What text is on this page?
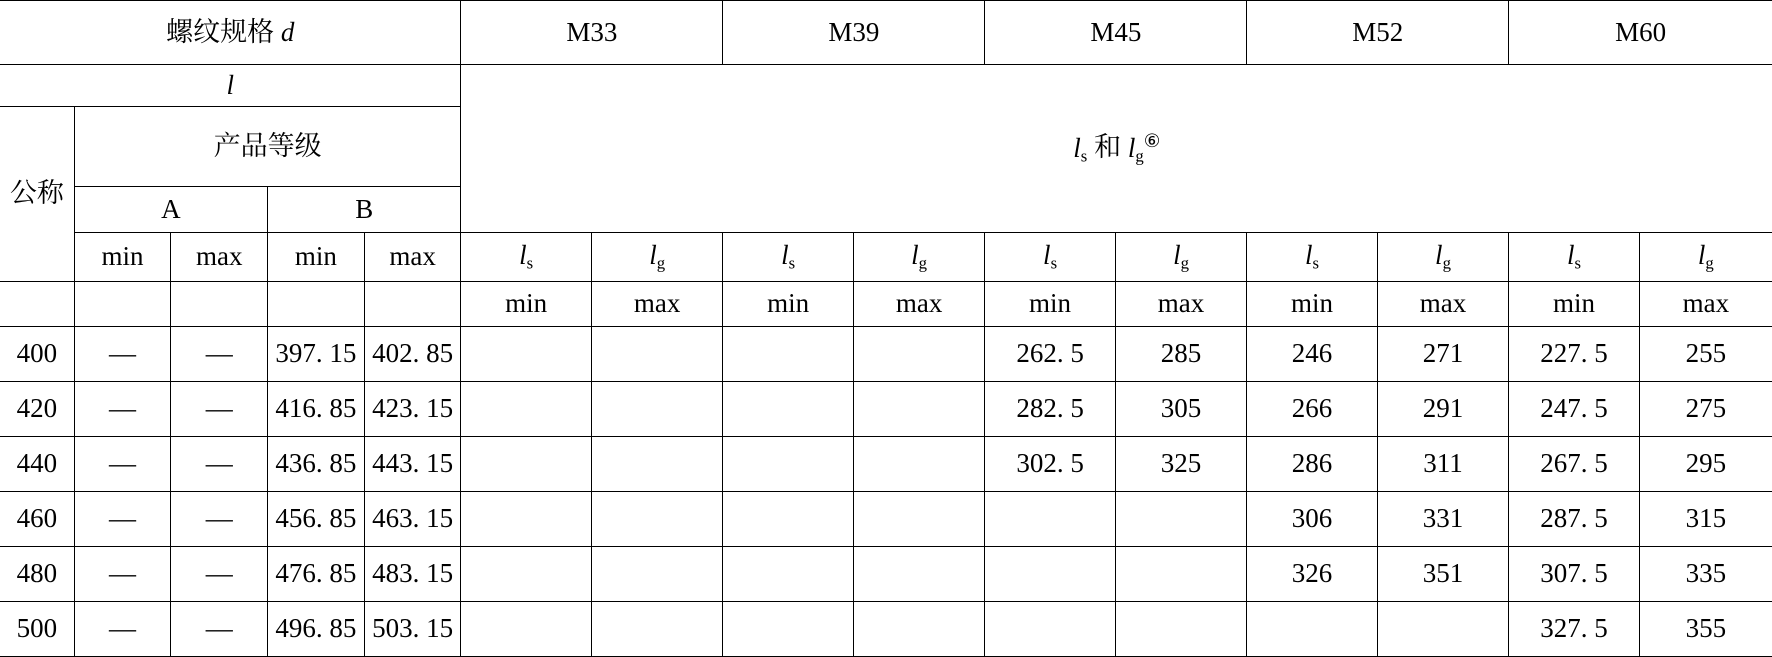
螺纹规格 d					M33		M39		M45		M52		M60	
l					$l_s$ 和 $l_g^⑥$
公称	产品等级													
	A		B											
	min	max	min	max	$l_s$	$l_g$	$l_s$	$l_g$	$l_s$	$l_g$	$l_s$	$l_g$	$l_s$	$l_g$
					min	max	min	max	min	max	min	max	min	max
400	—	—	397. 15	402. 85					262. 5	285	246	271	227. 5	255
420	—	—	416. 85	423. 15					282. 5	305	266	291	247. 5	275
440	—	—	436. 85	443. 15					302. 5	325	286	311	267. 5	295
460	—	—	456. 85	463. 15							306	331	287. 5	315
480	—	—	476. 85	483. 15							326	351	307. 5	335
500	—	—	496. 85	503. 15									327. 5	355
